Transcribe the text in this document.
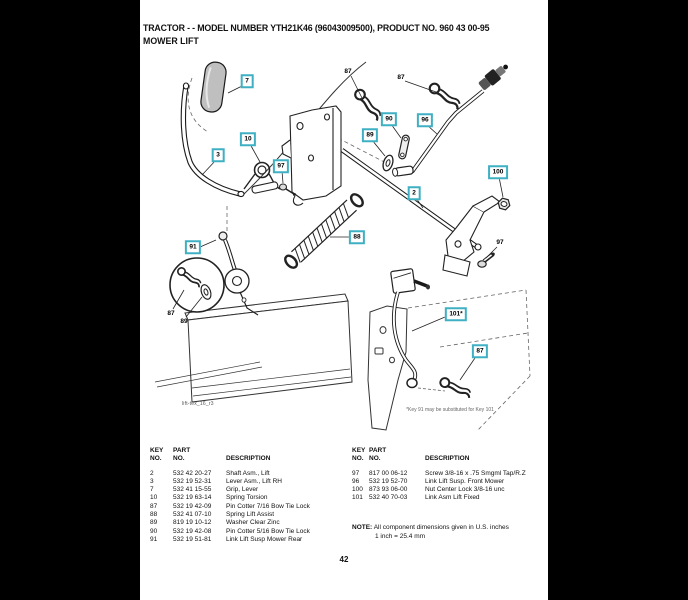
TRACTOR - - MODEL NUMBER YTH21K46 (96043009500), PRODUCT NO. 960 43 00-95
MOWER LIFT
7
87
87
90	96
89
10
3
97
100
2
88
97
91
87
89
101*
87
lift-tex_16_r3
*Key 91 may be substituted for Key 101
KEY
NO.	PART
NO.	DESCRIPTION
2	532 42 20-27	Shaft Asm., Lift
3	532 19 52-31	Lever Asm., Lift RH
7	532 41 15-55	Grip, Lever
10	532 19 63-14	Spring Torsion
87	532 19 42-09	Pin Cotter 7/16 Bow Tie Lock
88	532 41 07-10	Spring Lift Assist
89	819 19 10-12	Washer Clear Zinc
90	532 19 42-08	Pin Cotter 5/16 Bow Tie Lock
91	532 19 51-81	Link Lift Susp Mower Rear
KEY
NO.	PART
NO.	DESCRIPTION
97	817 00 06-12	Screw 3/8-16 x .75 Smgml Tap/R.Z
96	532 19 52-70	Link Lift Susp. Front Mower
100	873 93 06-00	Nut Center Lock 3/8-16 unc
101	532 40 70-03	Link Asm Lift Fixed
NOTE: All component dimensions given in U.S. inches
1 inch = 25.4 mm
42
